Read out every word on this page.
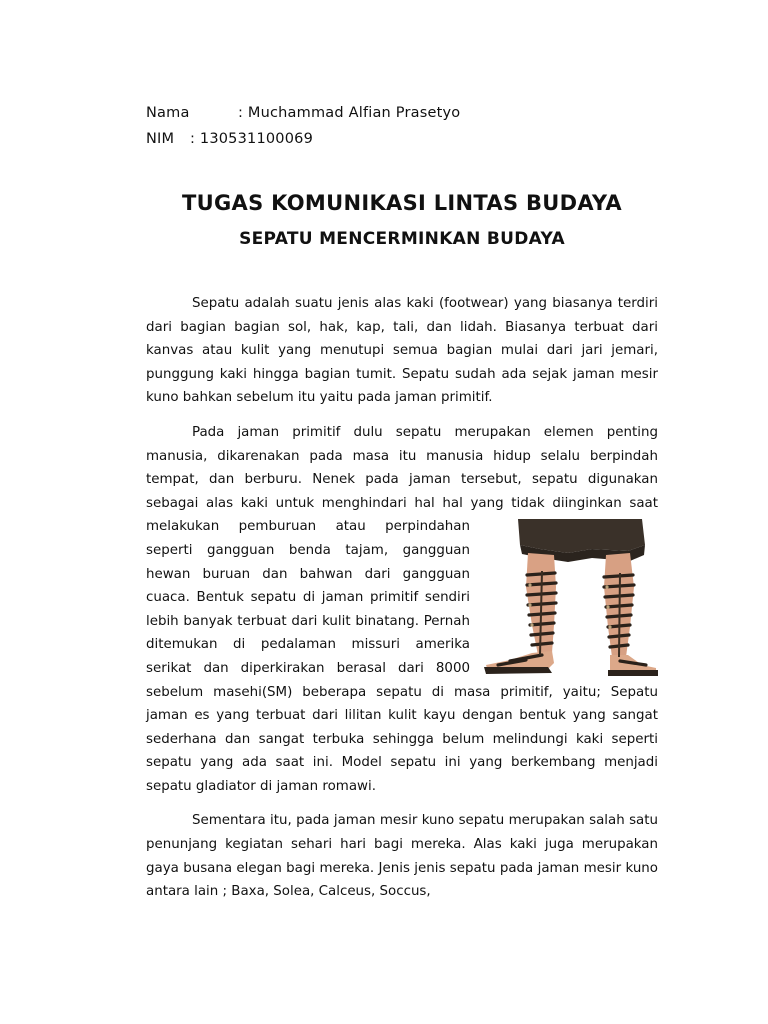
Nama	: Muchammad Alfian Prasetyo
NIM : 130531100069
TUGAS KOMUNIKASI LINTAS BUDAYA
SEPATU MENCERMINKAN BUDAYA

Sepatu adalah suatu jenis alas kaki (footwear) yang biasanya terdiri dari bagian bagian sol, hak, kap, tali, dan lidah. Biasanya terbuat dari kanvas atau kulit yang menutupi semua bagian mulai dari jari jemari, punggung kaki hingga bagian tumit. Sepatu sudah ada sejak jaman mesir kuno bahkan sebelum itu yaitu pada jaman primitif.

Pada jaman primitif dulu sepatu merupakan elemen penting manusia, dikarenakan pada masa itu manusia hidup selalu berpindah tempat, dan berburu. Nenek pada jaman tersebut, sepatu digunakan sebagai alas kaki untuk menghindari hal hal yang tidak diinginkan saat
melakukan pemburuan atau perpindahan seperti gangguan benda tajam, gangguan hewan buruan dan bahwan dari gangguan cuaca. Bentuk sepatu di jaman primitif sendiri lebih banyak terbuat dari kulit binatang. Pernah ditemukan di pedalaman missuri amerika serikat dan diperkirakan berasal dari 8000 sebelum masehi(SM) beberapa sepatu di masa primitif, yaitu; Sepatu jaman es yang terbuat dari lilitan kulit kayu dengan bentuk yang sangat sederhana dan sangat terbuka sehingga belum melindungi kaki seperti sepatu yang ada saat ini. Model sepatu ini yang berkembang menjadi sepatu gladiator di jaman romawi.

Sementara itu, pada jaman mesir kuno sepatu merupakan salah satu penunjang kegiatan sehari hari bagi mereka. Alas kaki juga merupakan gaya busana elegan bagi mereka. Jenis jenis sepatu pada jaman mesir kuno antara lain ; Baxa, Solea, Calceus, Soccus,
